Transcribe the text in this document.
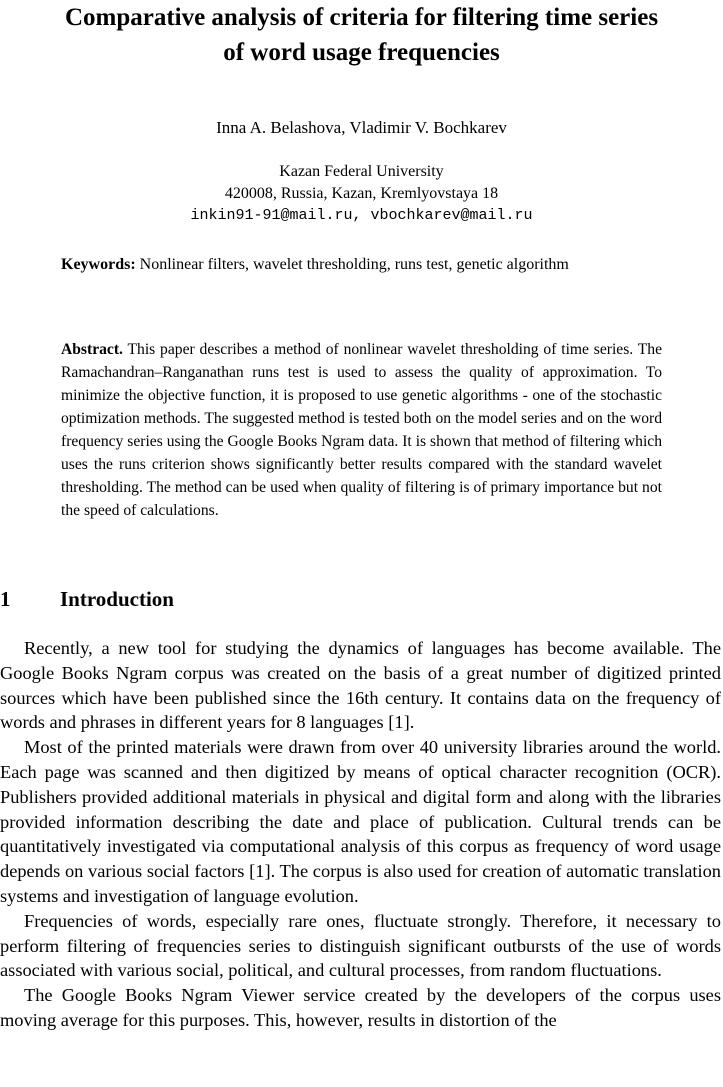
Comparative analysis of criteria for filtering time series
of word usage frequencies
Inna A. Belashova, Vladimir V. Bochkarev
Kazan Federal University
420008, Russia, Kazan, Kremlyovstaya 18
inkin91-91@mail.ru, vbochkarev@mail.ru
Keywords: Nonlinear filters, wavelet thresholding, runs test, genetic algorithm
Abstract. This paper describes a method of nonlinear wavelet thresholding of time series. The Ramachandran–Ranganathan runs test is used to assess the quality of approximation. To minimize the objective function, it is proposed to use genetic algorithms - one of the stochastic optimization methods. The suggested method is tested both on the model series and on the word frequency series using the Google Books Ngram data. It is shown that method of filtering which uses the runs criterion shows significantly better results compared with the standard wavelet thresholding. The method can be used when quality of filtering is of primary importance but not the speed of calculations.
1 Introduction

Recently, a new tool for studying the dynamics of languages has become available. The Google Books Ngram corpus was created on the basis of a great number of digitized printed sources which have been published since the 16th century. It contains data on the frequency of words and phrases in different years for 8 languages [1].

Most of the printed materials were drawn from over 40 university libraries around the world. Each page was scanned and then digitized by means of optical character recognition (OCR). Publishers provided additional materials in physical and digital form and along with the libraries provided information describing the date and place of publication. Cultural trends can be quantitatively investigated via computational analysis of this corpus as frequency of word usage depends on various social factors [1]. The corpus is also used for creation of automatic translation systems and investigation of language evolution.

Frequencies of words, especially rare ones, fluctuate strongly. Therefore, it necessary to perform filtering of frequencies series to distinguish significant outbursts of the use of words associated with various social, political, and cultural processes, from random fluctuations.

The Google Books Ngram Viewer service created by the developers of the corpus uses moving average for this purposes. This, however, results in distortion of the
